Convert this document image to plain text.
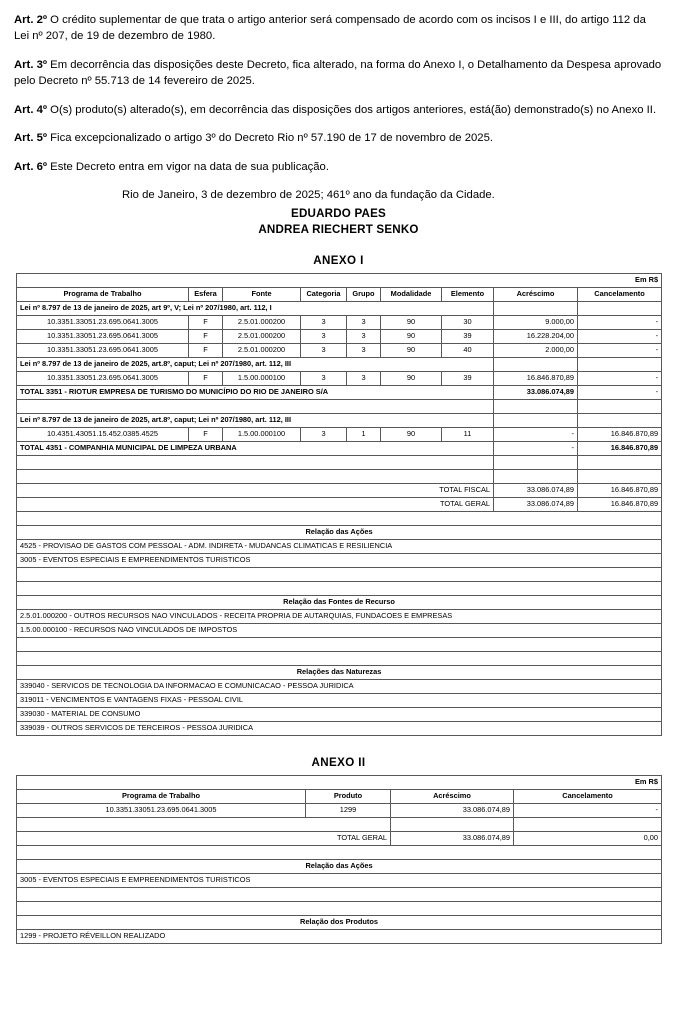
Art. 2º O crédito suplementar de que trata o artigo anterior será compensado de acordo com os incisos I e III, do artigo 112 da Lei nº 207, de 19 de dezembro de 1980.

Art. 3º Em decorrência das disposições deste Decreto, fica alterado, na forma do Anexo I, o Detalhamento da Despesa aprovado pelo Decreto nº 55.713 de 14 fevereiro de 2025.

Art. 4º O(s) produto(s) alterado(s), em decorrência das disposições dos artigos anteriores, está(ão) demonstrado(s) no Anexo II.

Art. 5º Fica excepcionalizado o artigo 3º do Decreto Rio nº 57.190 de 17 de novembro de 2025.

Art. 6º Este Decreto entra em vigor na data de sua publicação.

Rio de Janeiro, 3 de dezembro de 2025; 461º ano da fundação da Cidade.

EDUARDO PAES
ANDREA RIECHERT SENKO
ANEXO I
Em R$								
Programa de Trabalho	Esfera	Fonte	Categoria	Grupo	Modalidade	Elemento	Acréscimo	Cancelamento
Lei nº 8.797 de 13 de janeiro de 2025, art 9º, V; Lei nº 207/1980, art. 112, I								
10.3351.33051.23.695.0641.3005	F	2.5.01.000200	3	3	90	30	9.000,00	-
10.3351.33051.23.695.0641.3005	F	2.5.01.000200	3	3	90	39	16.228.204,00	-
10.3351.33051.23.695.0641.3005	F	2.5.01.000200	3	3	90	40	2.000,00	-
Lei nº 8.797 de 13 de janeiro de 2025, art.8º, caput; Lei nº 207/1980, art. 112, III								
10.3351.33051.23.695.0641.3005	F	1.5.00.000100	3	3	90	39	16.846.870,89	-
TOTAL 3351 - RIOTUR EMPRESA DE TURISMO DO MUNICÍPIO DO RIO DE JANEIRO S/A							33.086.074,89	-

Lei nº 8.797 de 13 de janeiro de 2025, art.8º, caput; Lei nº 207/1980, art. 112, III								
10.4351.43051.15.452.0385.4525	F	1.5.00.000100	3	1	90	11	-	16.846.870,89
TOTAL 4351 - COMPANHIA MUNICIPAL DE LIMPEZA URBANA							-	16.846.870,89

TOTAL FISCAL							33.086.074,89	16.846.870,89
TOTAL GERAL							33.086.074,89	16.846.870,89

Relação das Ações								
4525 - PROVISAO DE GASTOS COM PESSOAL - ADM. INDIRETA - MUDANCAS CLIMATICAS E RESILIENCIA								
3005 - EVENTOS ESPECIAIS E EMPREENDIMENTOS TURISTICOS								

Relação das Fontes de Recurso								
2.5.01.000200 - OUTROS RECURSOS NAO VINCULADOS - RECEITA PROPRIA DE AUTARQUIAS, FUNDACOES E EMPRESAS								
1.5.00.000100 - RECURSOS NAO VINCULADOS DE IMPOSTOS								

Relações das Naturezas								
339040 - SERVICOS DE TECNOLOGIA DA INFORMACAO E COMUNICACAO - PESSOA JURIDICA								
319011 - VENCIMENTOS E VANTAGENS FIXAS - PESSOAL CIVIL								
339030 - MATERIAL DE CONSUMO								
339039 - OUTROS SERVICOS DE TERCEIROS - PESSOA JURIDICA								
ANEXO II
Em R$			
Programa de Trabalho	Produto	Acréscimo	Cancelamento
10.3351.33051.23.695.0641.3005	1299	33.086.074,89	-

TOTAL GERAL		33.086.074,89	0,00

Relação das Ações			
3005 - EVENTOS ESPECIAIS E EMPREENDIMENTOS TURISTICOS			

Relação dos Produtos			
1299 - PROJETO RÉVEILLON REALIZADO			
